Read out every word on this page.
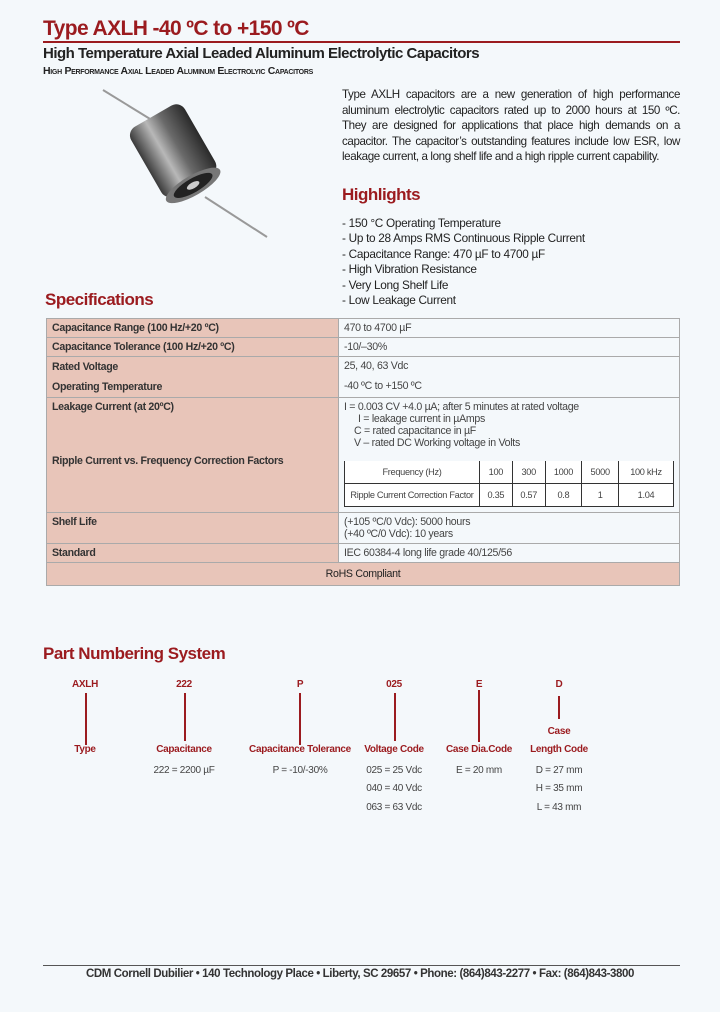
Type AXLH -40 ºC to +150 ºC
High Temperature Axial Leaded Aluminum Electrolytic Capacitors
High Performance Axial Leaded Aluminum Electrolyic Capacitors
Type AXLH capacitors are a new generation of high performance aluminum electrolytic capacitors rated up to 2000 hours at 150 ºC. They are designed for applications that place high demands on a capacitor. The capacitor’s outstanding features include low ESR, low leakage current, a long shelf life and a high ripple current capability.
Highlights
- 150 °C Operating Temperature
- Up to 28 Amps RMS Continuous Ripple Current
- Capacitance Range: 470 µF to 4700 µF
- High Vibration Resistance
- Very Long Shelf Life
- Low Leakage Current
Specifications
Capacitance Range (100 Hz/+20 ºC)	470 to 4700 µF
Capacitance Tolerance (100 Hz/+20 ºC)	-10/–30%
Rated Voltage	25, 40, 63 Vdc
Operating Temperature	-40 ºC to +150 ºC
Leakage Current (at 20ºC)	I = 0.003 CV +4.0 µA; after 5 minutes at rated voltage
I = leakage current in µAmps
C = rated capacitance in µF
V – rated DC Working voltage in Volts

Ripple Current vs. Frequency Correction Factors	
Frequency (Hz)	100	300	1000	5000	100 kHz
Ripple Current Correction Factor	0.35	0.57	0.8	1	1.04

Shelf Life	(+105 ºC/0 Vdc): 5000 hours
(+40 ºC/0 Vdc): 10 years

Standard	IEC 60384-4 long life grade 40/125/56
RoHS Compliant
Part Numbering System
AXLH
Type
222
Capacitance
222 = 2200 µF
P
Capacitance Tolerance
P = -10/-30%
025
Voltage Code
025 = 25 Vdc
040 = 40 Vdc
063 = 63 Vdc
E
Case Dia.Code
E = 20 mm
D
Case
Length Code
D = 27 mm
H = 35 mm
L = 43 mm
CDM Cornell Dubilier • 140 Technology Place • Liberty, SC 29657 • Phone: (864)843-2277 • Fax: (864)843-3800
